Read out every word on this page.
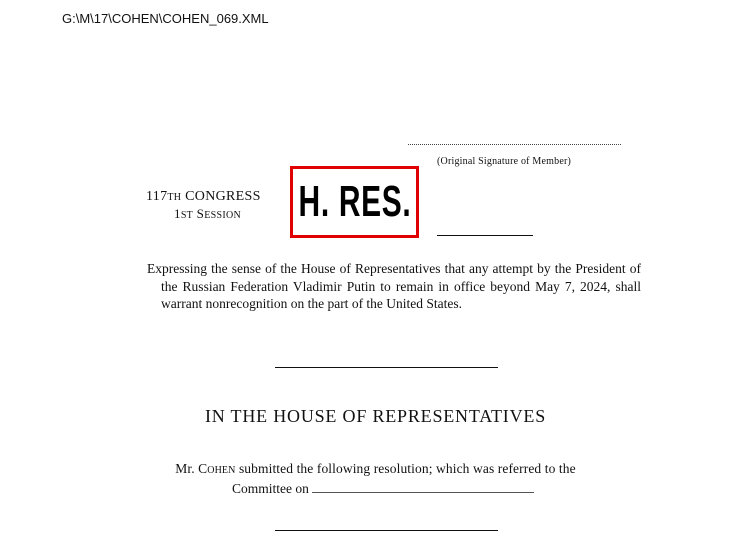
G:\M\17\COHEN\COHEN_069.XML
(Original Signature of Member)
117TH CONGRESS
1ST SESSION H. RES.
Expressing the sense of the House of Representatives that any attempt by the President of the Russian Federation Vladimir Putin to remain in office beyond May 7, 2024, shall warrant nonrecognition on the part of the United States.
IN THE HOUSE OF REPRESENTATIVES
Mr. COHEN submitted the following resolution; which was referred to the
Committee on
